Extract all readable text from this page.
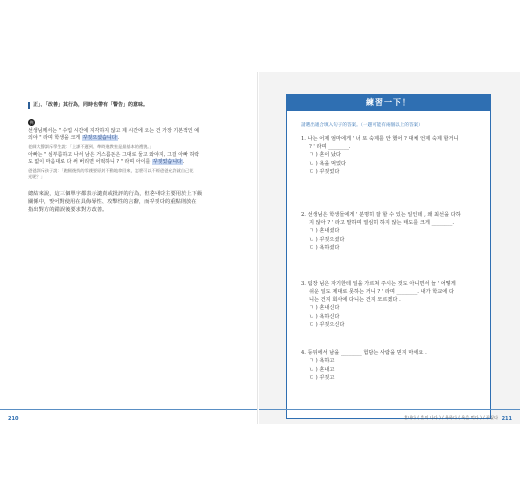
正」、「改善」其行為，同時也帶有「警告」的意味。

例

선생님께서는 " 수업 시간에 지각하지 않고 제 시간에 오는 건 가장 기본적인 예
의야 " 라며 학생을 크게 꾸짖으셨습니다.

老師大聲訓斥學生說：「上課不遲到、準時進教室是最基本的禮貌。」

아빠는 " 심부름하고 나서 남은 거스름돈은 그대로 둘고 와야지, 그걸 아빠 허락
도 없이 마음대로 다 써 버리면 어떡하니 ? " 라며 아이를 꾸짖었습니다.

爸爸訓斥孩子說：「跑腿後找的零錢要原封不動地拿回來，怎麼可以不經爸爸允許就自己花
光呢？」

總結來說，這三個單字都表示譴責或批評的行為，但혼내다主要用於上下級
關係中，맞어對使用在具侮辱性、攻擊性的言辭，而꾸짖다的重點則放在
指出對方的錯誤後要求對方改善。

210
練習一下！
請選出適合填入句子的答案。（一題可能有兩個以上的答案）

1. 나는 어제 엄마에게 ' 너 또 숙제를 안 했어 ? 대체 언제 숙제 할거니

? ' 라며 ________.

ㄱ ) 혼이 났다

ㄴ ) 욕을 먹었다

ㄷ ) 꾸짖었다

2. 선생님은 학생들에게 ' 분명히 잘 할 수 있는 일인데 , 왜 최선을 다하

지 않아 ? ' 라고 말하며 열심히 하지 않는 태도를 크게 ________.

ㄱ ) 혼내셨다

ㄴ ) 꾸짖으셨다

ㄷ ) 욕하셨다

3. 팀장 님은 자기한테 일을 가르쳐 주시는 것도 아니면서 늘 ' 어떻게

쉬운 일도 제대로 못하는 거니 ? ' 라며 ________. 내가 학교에 다

니는 건지 회사에 다니는 건지 모르겠다 .

ㄱ ) 혼내신다

ㄴ ) 욕하신다

ㄷ ) 꾸짖으신다

4. 등뒤에서 남을 ________ 험담는 사람을 믿지 마세요 .

ㄱ ) 욕하고

ㄴ ) 혼내고

ㄷ ) 꾸짖고

혼내다 ( 훈의 나다 ) / 욕하다 ( 욕을 먹다 ) / 꾸짖다 211
